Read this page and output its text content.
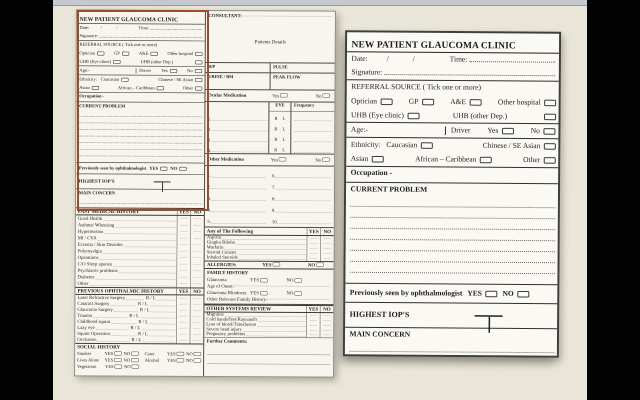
NEW PATIENT GLAUCOMA CLINIC
Date: / /	Time:
Signature:
REFERRAL SOURCE ( Tick one or more)
Optician GP A&E Other hospital
UHB (Eye clinic) UHB (other Dep.)
Age:-	Driver Yes No
Ethnicity: Caucasian	Chinese / SE Asian
Asian African – Caribbean Other
Occupation -
CURRENT PROBLEM
Previously seen by ophthalmologist YES NO
HIGHEST IOP'S
MAIN CONCERN
PAST MEDICAL HISTORY	YES NO
Good Health
Asthma/ Wheezing
Hypertension
MI / CVA
Eczema / Skin Disorder
Polymyalgia
Operations
C/O Sleep apnoea
Psychiatric problems
Diabetes
Other
PREVIOUS OPHTHALMIC HISTORY	YES NO
Laser Refractive Surgery R / L
Cataract Surgery	R / L
Glaucoma Surgery	R / L
Trauma	R / L
Childhood squint	R / L
Lazy eye	R / L
Squint Operation	R / L
Occlusion	R / L
SOCIAL HISTORY
Smoker	YES NO Carer	YES NO
Lives Alone YES NO Alcohol YES NO
Vegetarian YES NO
CONSULTANT:
Patients Details
B/P	PULSE
URINE / BM	PEAK FLOW
Ocular Medication	Yes	No
EYE	Frequency
1.	R L
2.	R L
3.	R L
4.	R L
Other Medication	Yes	No
1.
2.
3.
4.
5.
6.
7.
8.
9.
10.
Any of The Following	YES NO
Aspirin
Gingko Biloba
Warfarin
Steroid Creams
Inhaled Steroids
ALLERGIES:	YES	NO
FAMILY HISTORY
Glaucoma	YES	NO
Age of Onset:-
Glaucoma Blindness YES	NO
Other Relevant Family History:-
OTHER SYSTEMS REVIEW	YES NO
Migraine
Cold hands/feet/Raynaud's
Loss of blood/Transfusion
Severe head injury
Pregnancy problems
Further Comments:
NEW PATIENT GLAUCOMA CLINIC
Date:	/	/	Time:
Signature:
REFERRAL SOURCE ( Tick one or more)
Optician GP A&E Other hospital
UHB (Eye clinic)	UHB (other Dep.)
Age:-	Driver Yes No
Ethnicity: Caucasian	Chinese / SE Asian
Asian	African – Caribbean	Other
Occupation -
CURRENT PROBLEM
Previously seen by ophthalmologist YES NO
HIGHEST IOP'S
MAIN CONCERN
